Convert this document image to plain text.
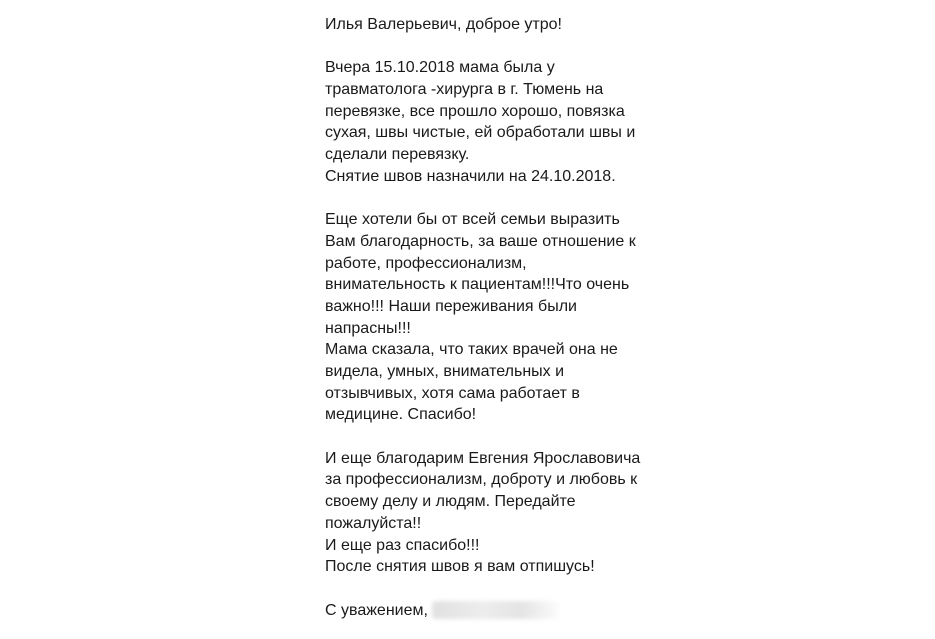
Илья Валерьевич, доброе утро!
Вчера 15.10.2018 мама была у
травматолога -хирурга в г. Тюмень на
перевязке, все прошло хорошо, повязка
сухая, швы чистые, ей обработали швы и
сделали перевязку.
Снятие швов назначили на 24.10.2018.
Еще хотели бы от всей семьи выразить
Вам благодарность, за ваше отношение к
работе, профессионализм,
внимательность к пациентам!!!Что очень
важно!!! Наши переживания были
напрасны!!!
Мама сказала, что таких врачей она не
видела, умных, внимательных и
отзывчивых, хотя сама работает в
медицине. Спасибо!
И еще благодарим Евгения Ярославовича
за профессионализм, доброту и любовь к
своему делу и людям. Передайте
пожалуйста!!
И еще раз спасибо!!!
После снятия швов я вам отпишусь!
С уважением,
